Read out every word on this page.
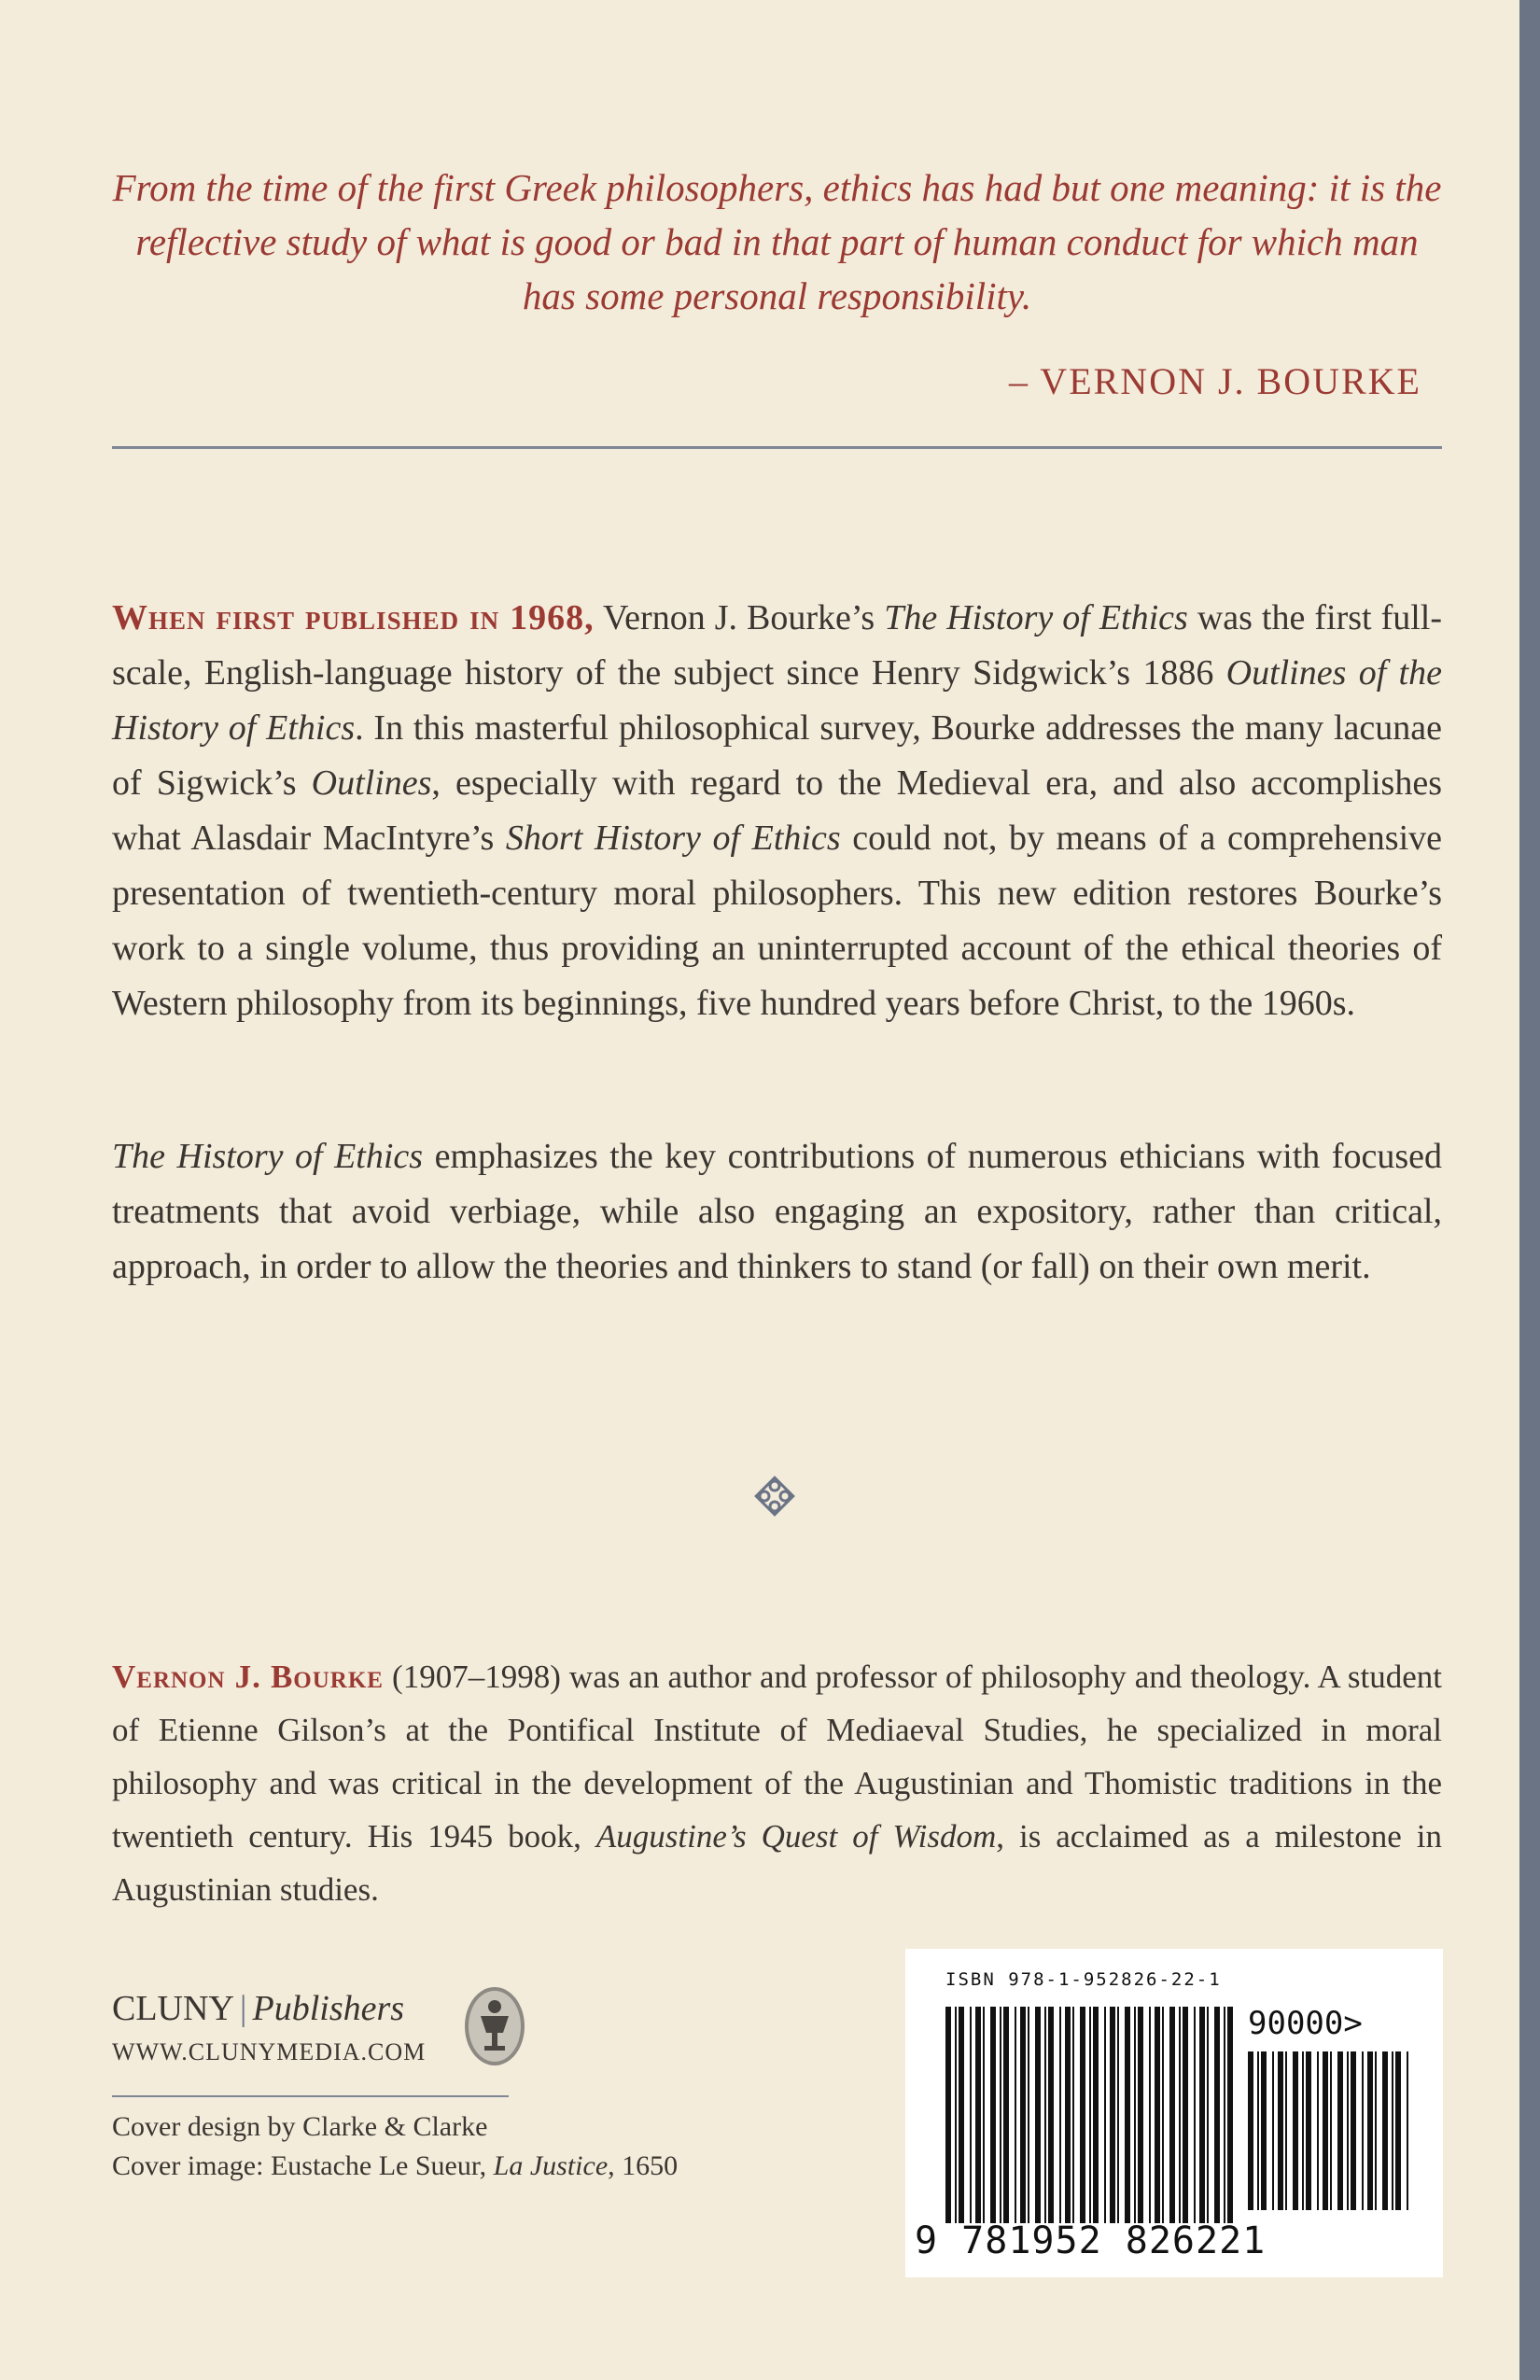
From the time of the first Greek philosophers, ethics has had but one meaning: it is the reflective study of what is good or bad in that part of human conduct for which man has some personal responsibility.
– VERNON J. BOURKE
When first published in 1968, Vernon J. Bourke’s The History of Ethics was the first full-scale, English-language history of the subject since Henry Sidgwick’s 1886 Outlines of the History of Ethics. In this masterful philosophical survey, Bourke addresses the many lacunae of Sigwick’s Outlines, especially with regard to the Medieval era, and also accomplishes what Alasdair MacIntyre’s Short History of Ethics could not, by means of a comprehensive presentation of twentieth-century moral philosophers. This new edition restores Bourke’s work to a single volume, thus providing an uninterrupted account of the ethical theories of Western philosophy from its beginnings, five hundred years before Christ, to the 1960s.
The History of Ethics emphasizes the key contributions of numerous ethicians with focused treatments that avoid verbiage, while also engaging an expository, rather than critical, approach, in order to allow the theories and thinkers to stand (or fall) on their own merit.
Vernon J. Bourke (1907–1998) was an author and professor of philosophy and theology. A student of Etienne Gilson’s at the Pontifical Institute of Mediaeval Studies, he specialized in moral philosophy and was critical in the development of the Augustinian and Thomistic traditions in the twentieth century. His 1945 book, Augustine’s Quest of Wisdom, is acclaimed as a milestone in Augustinian studies.
CLUNY | Publishers
WWW.CLUNYMEDIA.COM
Cover design by Clarke & Clarke
Cover image: Eustache Le Sueur, La Justice, 1650
ISBN 978-1-952826-22-1
90000>
9 781952 826221
